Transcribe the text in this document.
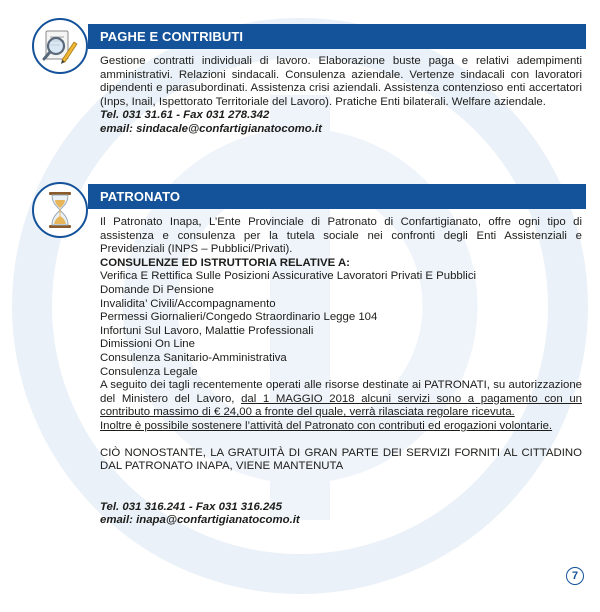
PAGHE E CONTRIBUTI

Gestione contratti individuali di lavoro. Elaborazione buste paga e relativi adempimenti amministrativi. Relazioni sindacali. Consulenza aziendale. Vertenze sindacali con lavoratori dipendenti e parasubordinati. Assistenza crisi aziendali. Assistenza contenzioso enti accertatori (Inps, Inail, Ispettorato Territoriale del Lavoro). Pratiche Enti bilaterali. Welfare aziendale.

Tel. 031 31.61 - Fax 031 278.342

email: sindacale@confartigianatocomo.it

PATRONATO

Il Patronato Inapa, L’Ente Provinciale di Patronato di Confartigianato, offre ogni tipo di assistenza e consulenza per la tutela sociale nei confronti degli Enti Assistenziali e Previdenziali (INPS – Pubblici/Privati).

CONSULENZE ED ISTRUTTORIA RELATIVE A:

Verifica E Rettifica Sulle Posizioni Assicurative Lavoratori Privati E Pubblici

Domande Di Pensione

Invalidita’ Civili/Accompagnamento

Permessi Giornalieri/Congedo Straordinario Legge 104

Infortuni Sul Lavoro, Malattie Professionali

Dimissioni On Line

Consulenza Sanitario-Amministrativa

Consulenza Legale

A seguito dei tagli recentemente operati alle risorse destinate ai PATRONATI, su autorizzazione del Ministero del Lavoro, dal 1 MAGGIO 2018 alcuni servizi sono a pagamento con un contributo massimo di € 24,00 a fronte del quale, verrà rilasciata regolare ricevuta.

Inoltre è possibile sostenere l’attività del Patronato con contributi ed erogazioni volontarie.

CIÒ NONOSTANTE, LA GRATUITÀ DI GRAN PARTE DEI SERVIZI FORNITI AL CITTADINO DAL PATRONATO INAPA, VIENE MANTENUTA

Tel. 031 316.241 - Fax 031 316.245

email: inapa@confartigianatocomo.it

7
